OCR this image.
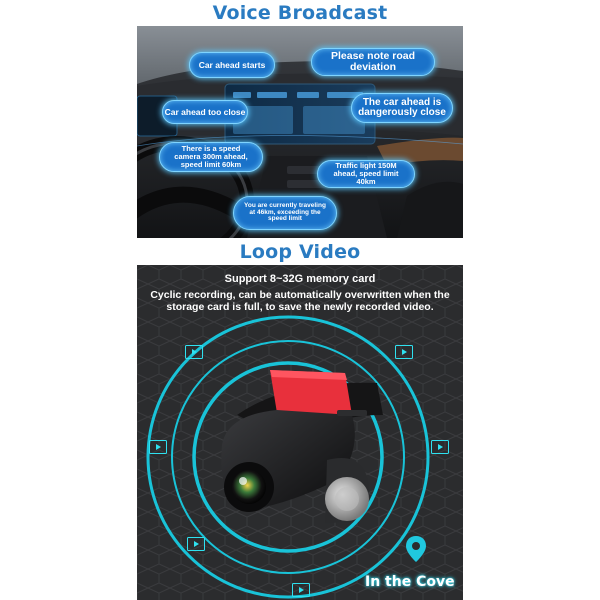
Voice Broadcast
Car ahead starts
Please note road deviation
Car ahead too close
The car ahead is dangerously close
There is a speed camera 300m ahead, speed limit 60km	Traffic light 150M ahead, speed limit 40km
You are currently traveling at 46km, exceeding the speed limit
Loop Video
Support 8~32G memory card
Cyclic recording, can be automatically overwritten when the storage card is full, to save the newly recorded video.
In the Cove
